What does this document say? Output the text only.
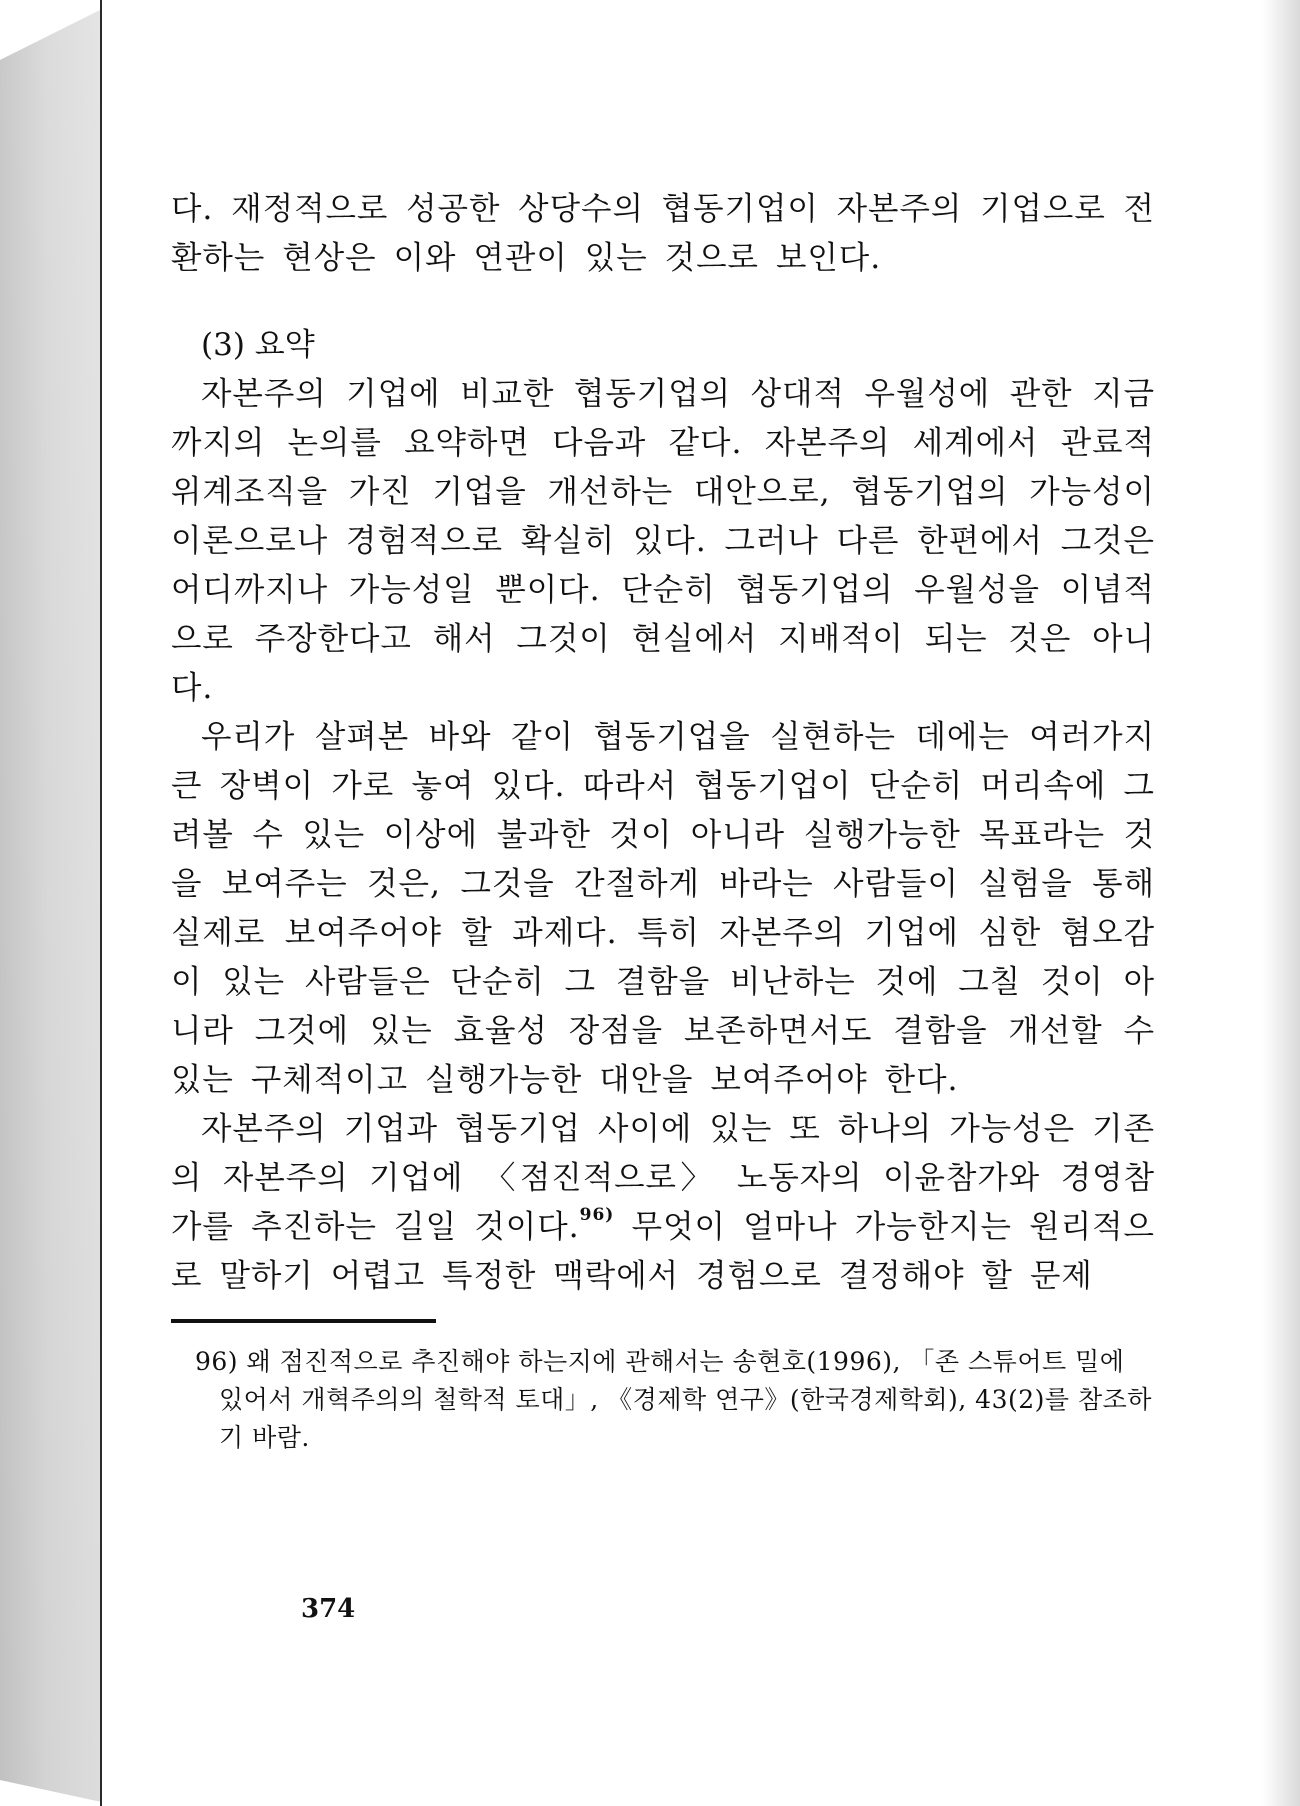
다. 재정적으로 성공한 상당수의 협동기업이 자본주의 기업으로 전환하는 현상은 이와 연관이 있는 것으로 보인다.

(3) 요약

자본주의 기업에 비교한 협동기업의 상대적 우월성에 관한 지금까지의 논의를 요약하면 다음과 같다. 자본주의 세계에서 관료적 위계조직을 가진 기업을 개선하는 대안으로, 협동기업의 가능성이 이론으로나 경험적으로 확실히 있다. 그러나 다른 한편에서 그것은 어디까지나 가능성일 뿐이다. 단순히 협동기업의 우월성을 이념적으로 주장한다고 해서 그것이 현실에서 지배적이 되는 것은 아니다.

우리가 살펴본 바와 같이 협동기업을 실현하는 데에는 여러가지 큰 장벽이 가로 놓여 있다. 따라서 협동기업이 단순히 머리속에 그려볼 수 있는 이상에 불과한 것이 아니라 실행가능한 목표라는 것을 보여주는 것은, 그것을 간절하게 바라는 사람들이 실험을 통해 실제로 보여주어야 할 과제다. 특히 자본주의 기업에 심한 혐오감이 있는 사람들은 단순히 그 결함을 비난하는 것에 그칠 것이 아니라 그것에 있는 효율성 장점을 보존하면서도 결함을 개선할 수 있는 구체적이고 실행가능한 대안을 보여주어야 한다.

자본주의 기업과 협동기업 사이에 있는 또 하나의 가능성은 기존의 자본주의 기업에 〈점진적으로〉 노동자의 이윤참가와 경영참가를 추진하는 길일 것이다.$^{96)}$ 무엇이 얼마나 가능한지는 원리적으로 말하기 어렵고 특정한 맥락에서 경험으로 결정해야 할 문제

96) 왜 점진적으로 추진해야 하는지에 관해서는 송현호(1996), 「존 스튜어트 밀에 있어서 개혁주의의 철학적 토대」, 《경제학 연구》(한국경제학회), 43(2)를 참조하기 바람.

374
